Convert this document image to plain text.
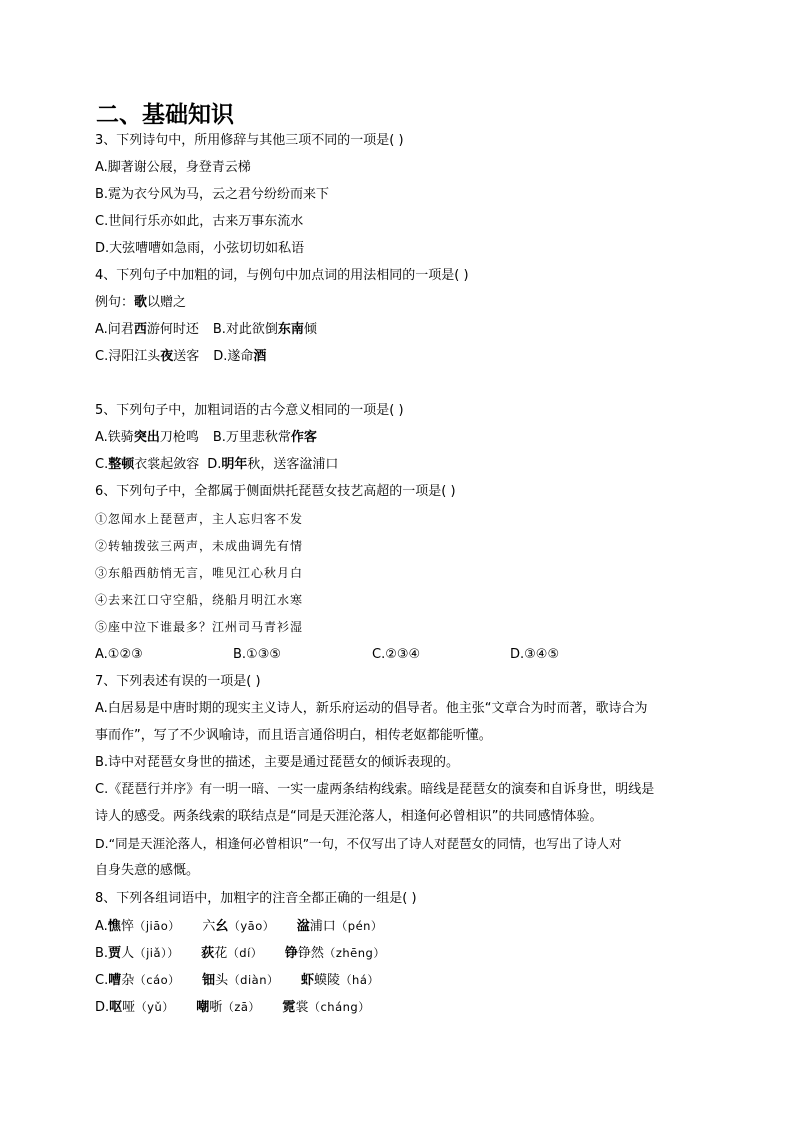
二、基础知识
3、下列诗句中，所用修辞与其他三项不同的一项是( )
A.脚著谢公屐，身登青云梯
B.霓为衣兮风为马，云之君兮纷纷而来下
C.世间行乐亦如此，古来万事东流水
D.大弦嘈嘈如急雨，小弦切切如私语
4、下列句子中加粗的词，与例句中加点词的用法相同的一项是( )
例句：歌以赠之
A.问君西游何时还 B.对此欲倒东南倾
C.浔阳江头夜送客 D.遂命酒
5、下列句子中，加粗词语的古今意义相同的一项是( )
A.铁骑突出刀枪鸣 B.万里悲秋常作客
C.整顿衣裳起敛容 D.明年秋，送客湓浦口
6、下列句子中，全都属于侧面烘托琵琶女技艺高超的一项是( )
①忽闻水上琵琶声，主人忘归客不发
②转轴拨弦三两声，未成曲调先有情
③东船西舫悄无言，唯见江心秋月白
④去来江口守空船，绕船月明江水寒
⑤座中泣下谁最多？江州司马青衫湿
A.①②③	B.①③⑤	C.②③④	D.③④⑤
7、下列表述有误的一项是( )
A.白居易是中唐时期的现实主义诗人，新乐府运动的倡导者。他主张“文章合为时而著，歌诗合为
事而作”，写了不少讽喻诗，而且语言通俗明白，相传老妪都能听懂。
B.诗中对琵琶女身世的描述，主要是通过琵琶女的倾诉表现的。
C.《琵琶行并序》有一明一暗、一实一虚两条结构线索。暗线是琵琶女的演奏和自诉身世，明线是
诗人的感受。两条线索的联结点是“同是天涯沦落人，相逢何必曾相识”的共同感情体验。
D.“同是天涯沦落人，相逢何必曾相识”一句，不仅写出了诗人对琵琶女的同情，也写出了诗人对
自身失意的感慨。
8、下列各组词语中，加粗字的注音全都正确的一组是( )
A.憔悴（jiāo） 六幺（yāo） 湓浦口（pén）
B.贾人（jiǎ）） 荻花（dí） 铮铮然（zhēng）
C.嘈杂（cáo） 钿头（diàn） 虾蟆陵（há）
D.呕哑（yǔ） 嘲哳（zā） 霓裳（cháng）
